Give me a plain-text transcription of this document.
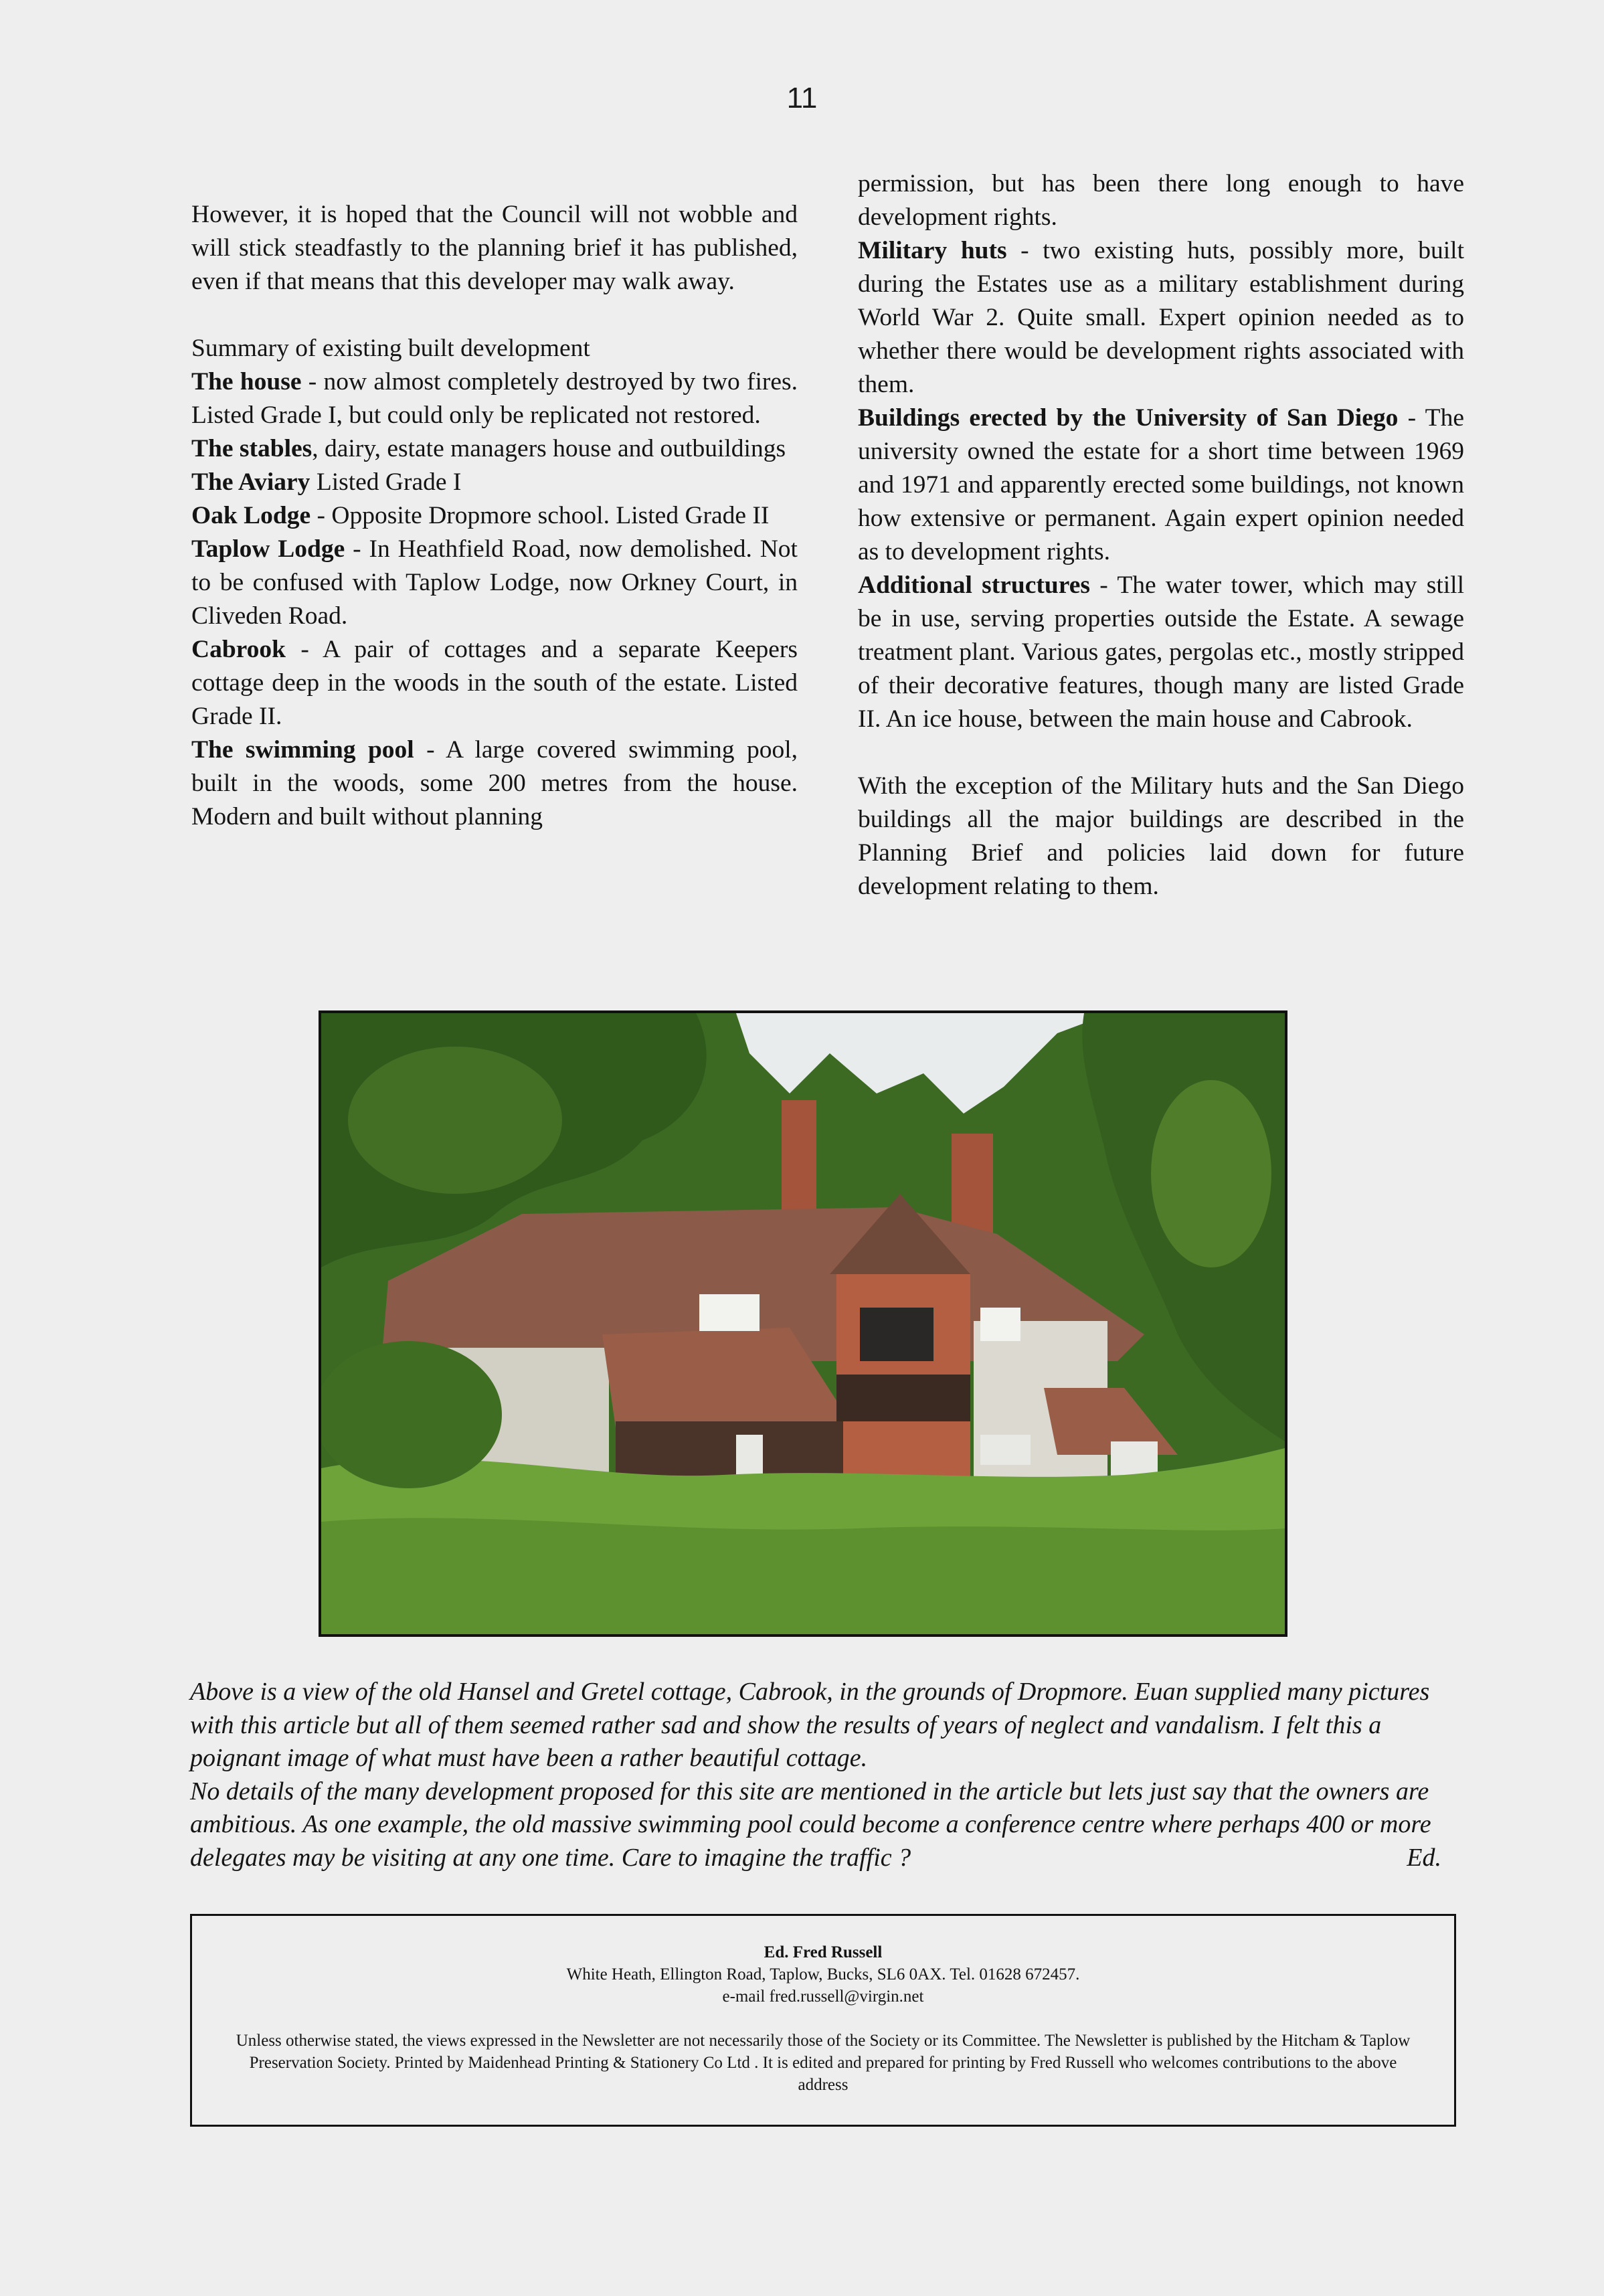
11

However, it is hoped that the Council will not wobble and will stick steadfastly to the planning brief it has published, even if that means that this developer may walk away.

Summary of existing built development

The house - now almost completely destroyed by two fires. Listed Grade I, but could only be replicated not restored.

The stables, dairy, estate managers house and outbuildings

The Aviary Listed Grade I

Oak Lodge - Opposite Dropmore school. Listed Grade II

Taplow Lodge - In Heathfield Road, now demolished. Not to be confused with Taplow Lodge, now Orkney Court, in Cliveden Road.

Cabrook - A pair of cottages and a separate Keepers cottage deep in the woods in the south of the estate. Listed Grade II.

The swimming pool - A large covered swimming pool, built in the woods, some 200 metres from the house. Modern and built without planning

permission, but has been there long enough to have development rights.

Military huts - two existing huts, possibly more, built during the Estates use as a military establishment during World War 2. Quite small. Expert opinion needed as to whether there would be development rights associated with them.

Buildings erected by the University of San Diego - The university owned the estate for a short time between 1969 and 1971 and apparently erected some buildings, not known how extensive or permanent. Again expert opinion needed as to development rights.

Additional structures - The water tower, which may still be in use, serving properties outside the Estate. A sewage treatment plant. Various gates, pergolas etc., mostly stripped of their decorative features, though many are listed Grade II. An ice house, between the main house and Cabrook.

With the exception of the Military huts and the San Diego buildings all the major buildings are described in the Planning Brief and policies laid down for future development relating to them.

Above is a view of the old Hansel and Gretel cottage, Cabrook, in the grounds of Dropmore. Euan supplied many pictures with this article but all of them seemed rather sad and show the results of years of neglect and vandalism. I felt this a poignant image of what must have been a rather beautiful cottage.

No details of the many development proposed for this site are mentioned in the article but lets just say that the owners are ambitious. As one example, the old massive swimming pool could become a conference centre where perhaps 400 or more delegates may be visiting at any one time. Care to imagine the traffic ?	Ed.
Ed. Fred Russell
White Heath, Ellington Road, Taplow, Bucks, SL6 0AX. Tel. 01628 672457.
e-mail fred.russell@virgin.net
Unless otherwise stated, the views expressed in the Newsletter are not necessarily those of the Society or its Committee. The Newsletter is published by the Hitcham & Taplow Preservation Society. Printed by Maidenhead Printing & Stationery Co Ltd . It is edited and prepared for printing by Fred Russell who welcomes contributions to the above address
